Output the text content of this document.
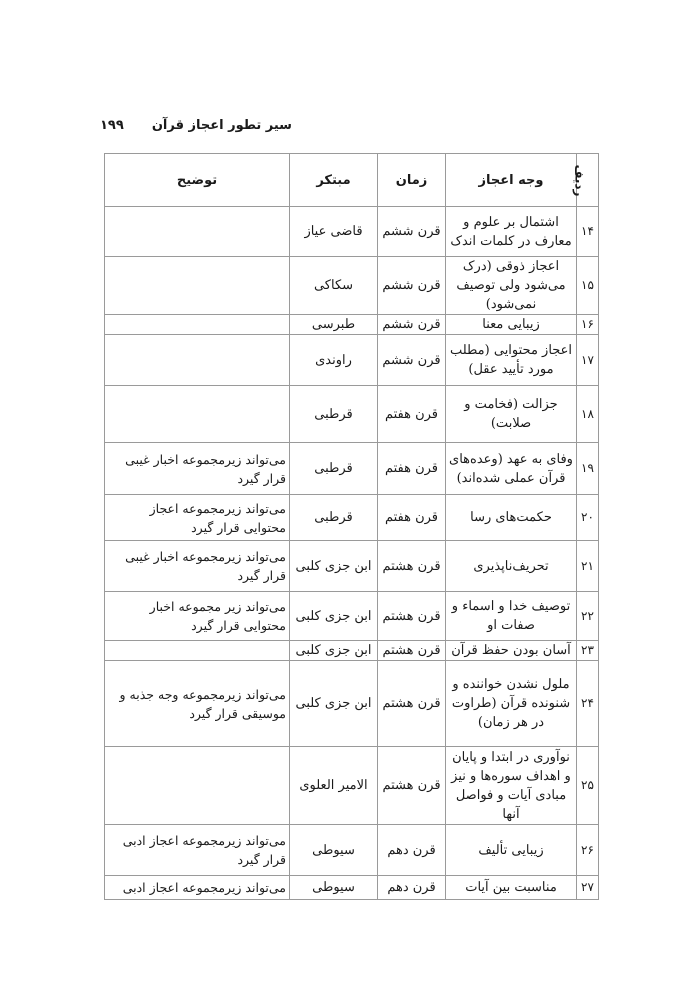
۱۹۹ سیر تطور اعجاز قرآن
ردیف	وجه اعجاز	زمان	مبتکر	توضیح
۱۴	اشتمال بر علوم و معارف در کلمات اندک	قرن ششم	قاضی عیاز	
۱۵	اعجاز ذوقی (درک می‌شود ولی توصیف نمی‌شود)	قرن ششم	سکاکی	
۱۶	زیبایی معنا	قرن ششم	طبرسی	
۱۷	اعجاز محتوایی (مطلب مورد تأیید عقل)	قرن ششم	راوندی	
۱۸	جزالت (فخامت و صلابت)	قرن هفتم	قرطبی	
۱۹	وفای به عهد (وعده‌های قرآن عملی شده‌اند)	قرن هفتم	قرطبی	می‌تواند زیرمجموعه اخبار غیبی قرار گیرد
۲۰	حکمت‌های رسا	قرن هفتم	قرطبی	می‌تواند زیرمجموعه اعجاز محتوایی قرار گیرد
۲۱	تحریف‌ناپذیری	قرن هشتم	ابن جزی کلبی	می‌تواند زیرمجموعه اخبار غیبی قرار گیرد
۲۲	توصیف خدا و اسماء و صفات او	قرن هشتم	ابن جزی کلبی	می‌تواند زیر مجموعه اخبار محتوایی قرار گیرد
۲۳	آسان بودن حفظ قرآن	قرن هشتم	ابن جزی کلبی	
۲۴	ملول نشدن خواننده و شنونده قرآن (طراوت در هر زمان)	قرن هشتم	ابن جزی کلبی	می‌تواند زیرمجموعه وجه جذبه و موسیقی قرار گیرد
۲۵	نوآوری در ابتدا و پایان و اهداف سوره‌ها و نیز مبادی آیات و فواصل آنها	قرن هشتم	الامیر العلوی	
۲۶	زیبایی تألیف	قرن دهم	سیوطی	می‌تواند زیرمجموعه اعجاز ادبی قرار گیرد
۲۷	مناسبت بین آیات	قرن دهم	سیوطی	می‌تواند زیرمجموعه اعجاز ادبی
